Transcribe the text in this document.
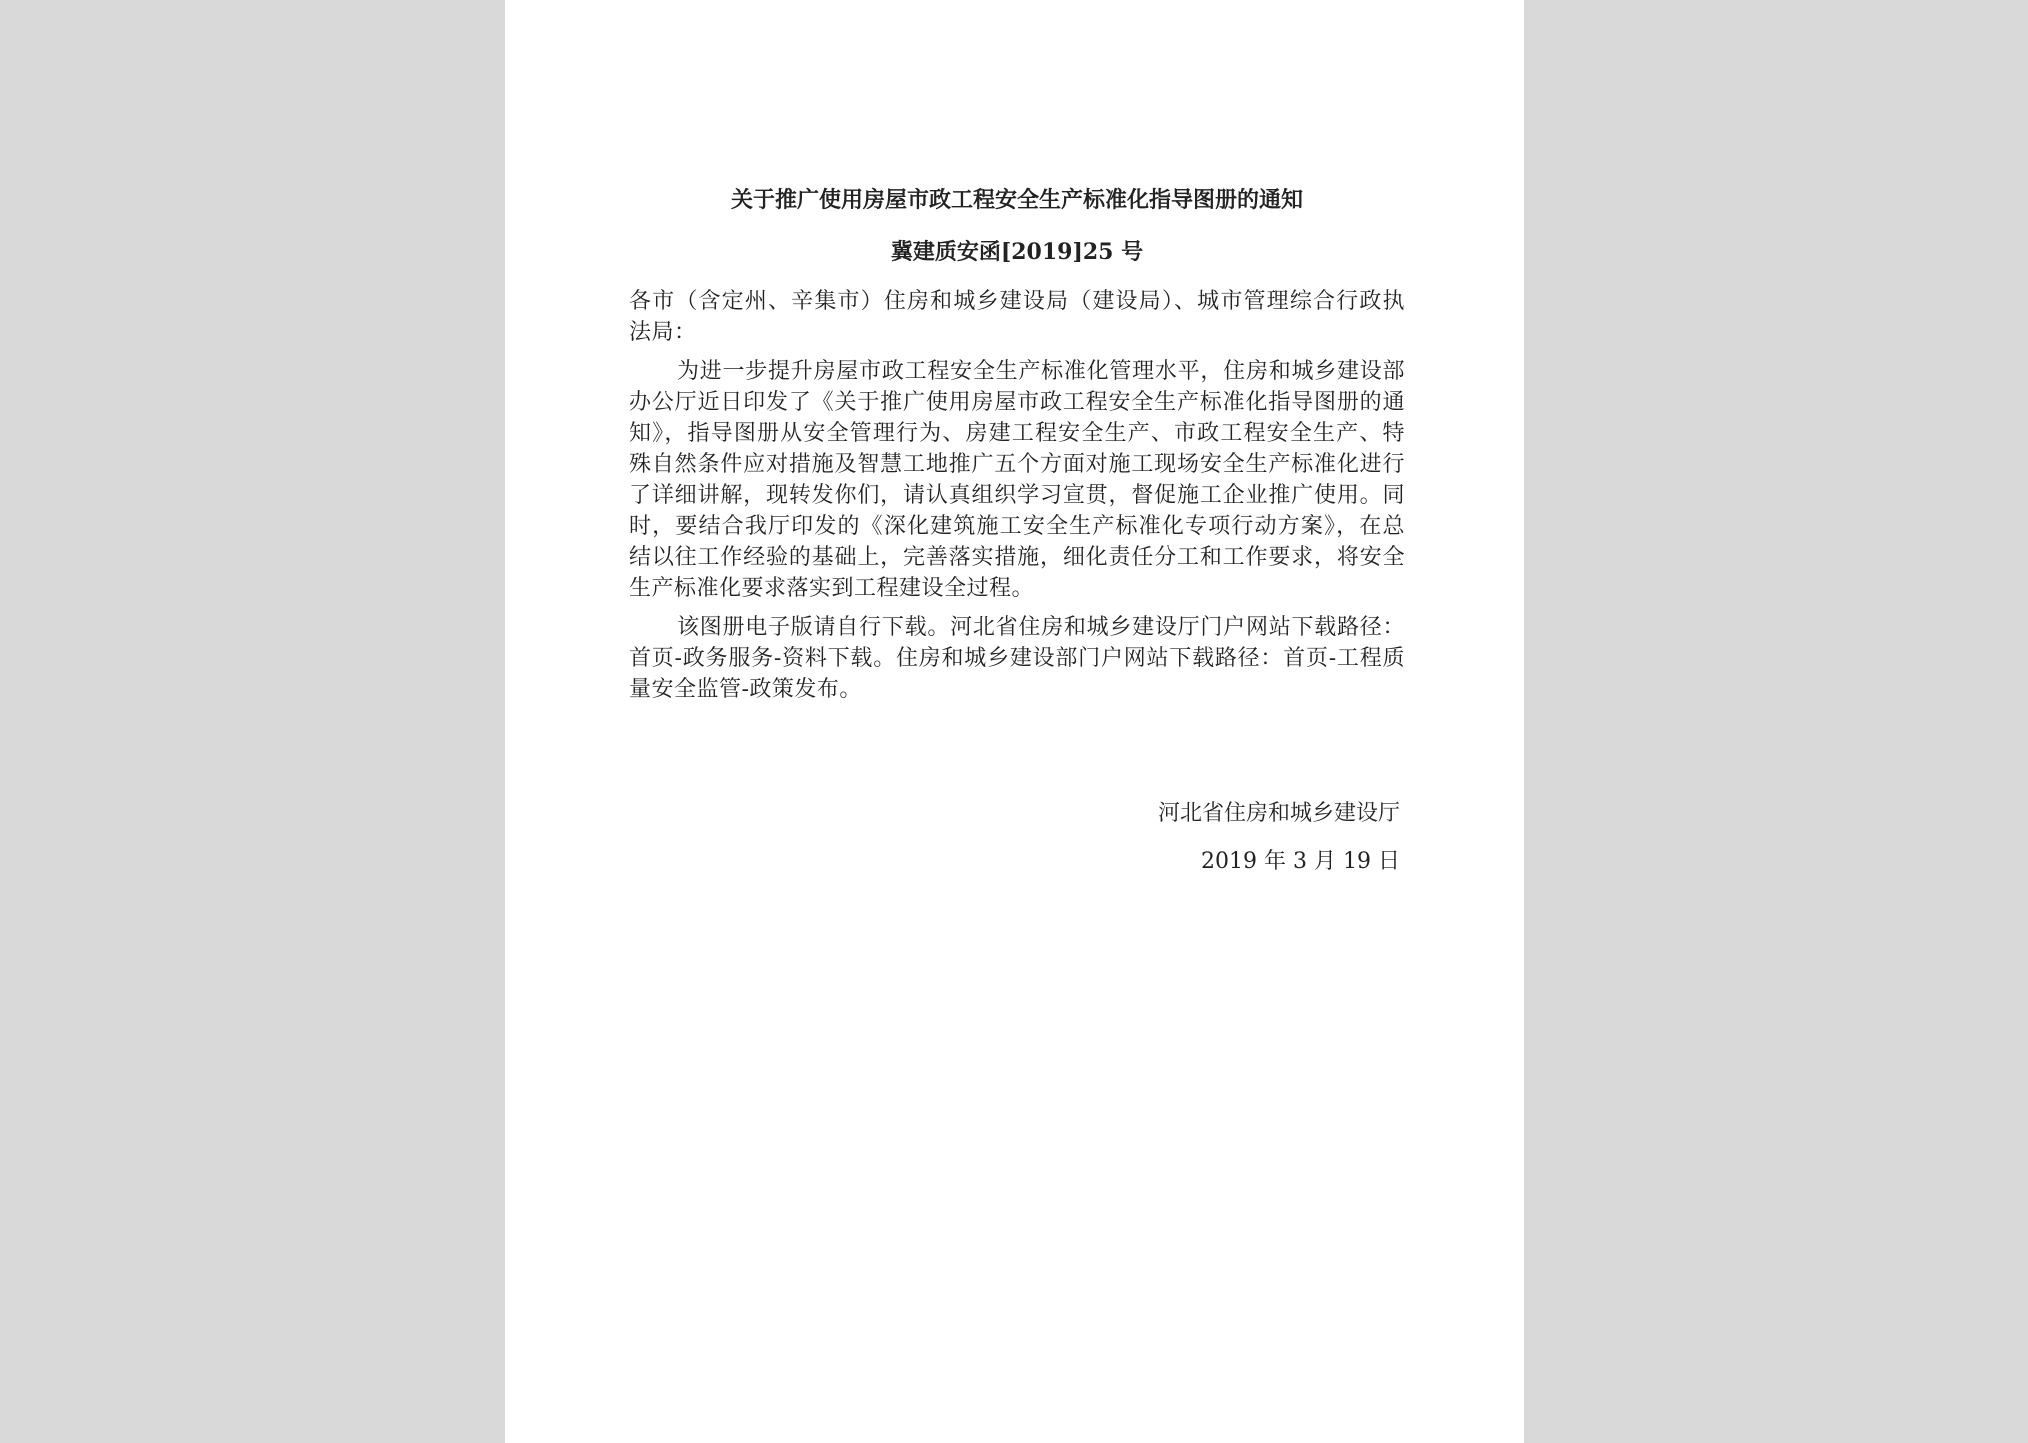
关于推广使用房屋市政工程安全生产标准化指导图册的通知

冀建质安函[2019]25 号

各市（含定州、辛集市）住房和城乡建设局（建设局）、城市管理综合行政执法局：

为进一步提升房屋市政工程安全生产标准化管理水平，住房和城乡建设部办公厅近日印发了《关于推广使用房屋市政工程安全生产标准化指导图册的通知》，指导图册从安全管理行为、房建工程安全生产、市政工程安全生产、特殊自然条件应对措施及智慧工地推广五个方面对施工现场安全生产标准化进行了详细讲解，现转发你们，请认真组织学习宣贯，督促施工企业推广使用。同时，要结合我厅印发的《深化建筑施工安全生产标准化专项行动方案》，在总结以往工作经验的基础上，完善落实措施，细化责任分工和工作要求，将安全生产标准化要求落实到工程建设全过程。

该图册电子版请自行下载。河北省住房和城乡建设厅门户网站下载路径：首页-政务服务-资料下载。住房和城乡建设部门户网站下载路径：首页-工程质量安全监管-政策发布。

河北省住房和城乡建设厅

2019 年 3 月 19 日
